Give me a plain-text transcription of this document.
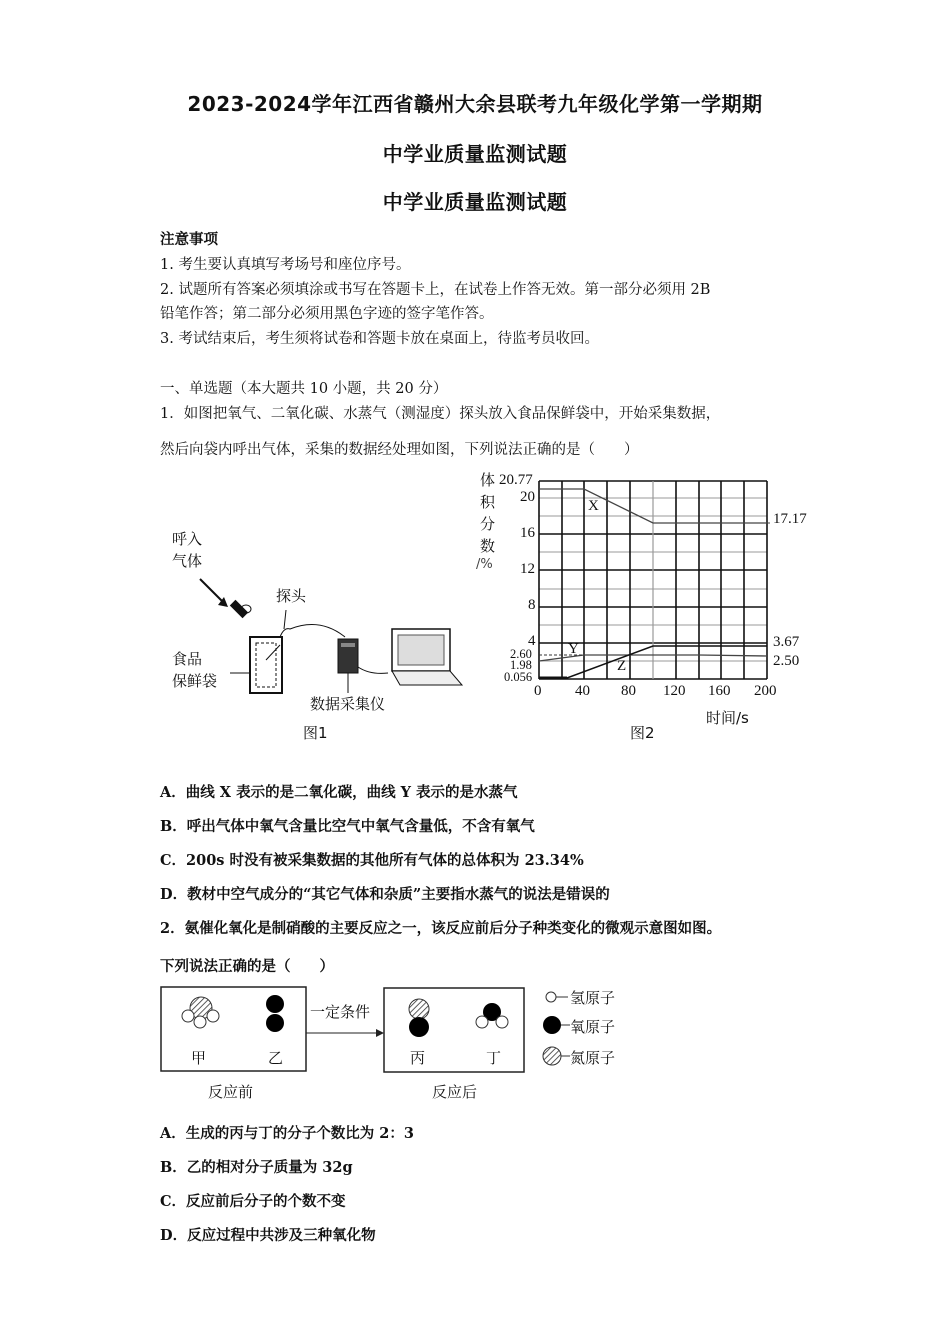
2023-2024学年江西省赣州大余县联考九年级化学第一学期期
中学业质量监测试题
中学业质量监测试题
注意事项
1. 考生要认真填写考场号和座位序号。
2. 试题所有答案必须填涂或书写在答题卡上，在试卷上作答无效。第一部分必须用 2B
铅笔作答；第二部分必须用黑色字迹的签字笔作答。
3. 考试结束后，考生须将试卷和答题卡放在桌面上，待监考员收回。
一、单选题（本大题共 10 小题，共 20 分）
1．如图把氧气、二氧化碳、水蒸气（测湿度）探头放入食品保鲜袋中，开始采集数据，
然后向袋内呼出气体，采集的数据经处理如图，下列说法正确的是（　　）
呼入
气体
探头
食品
保鲜袋
数据采集仪
图1
体
积
分
数
/%
20.77
20
16
12
8
4
2.60
1.98
0.056
0 40 80 120 160 200
17.17
3.67
2.50
X
Y
Z
时间/s
图2
A．曲线 X 表示的是二氧化碳，曲线 Y 表示的是水蒸气
B．呼出气体中氧气含量比空气中氧气含量低，不含有氧气
C．200s 时没有被采集数据的其他所有气体的总体积为 23.34%
D．教材中空气成分的“其它气体和杂质”主要指水蒸气的说法是错误的
2．氨催化氧化是制硝酸的主要反应之一，该反应前后分子种类变化的微观示意图如图。
下列说法正确的是（　　）
甲	乙	丙	丁
一定条件
反应前	反应后
氢原子
氧原子
氮原子
A．生成的丙与丁的分子个数比为 2：3
B．乙的相对分子质量为 32g
C．反应前后分子的个数不变
D．反应过程中共涉及三种氧化物
